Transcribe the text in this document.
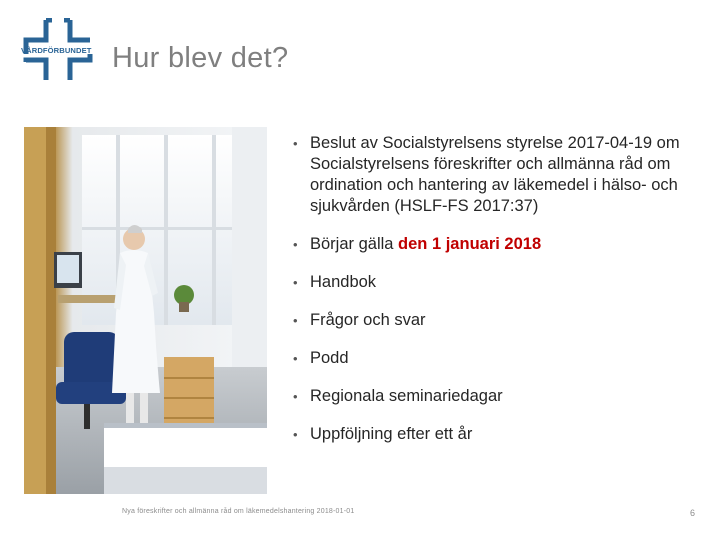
VÅRDFÖRBUNDET Hur blev det?
• Beslut av Socialstyrelsens styrelse 2017-04-19 om Socialstyrelsens föreskrifter och allmänna råd om ordination och hantering av läkemedel i hälso- och sjukvården (HSLF-FS 2017:37)
• Börjar gälla den 1 januari 2018
• Handbok
• Frågor och svar
• Podd
• Regionala seminariedagar
• Uppföljning efter ett år
Nya föreskrifter och allmänna råd om läkemedelshantering 2018-01-01	6
